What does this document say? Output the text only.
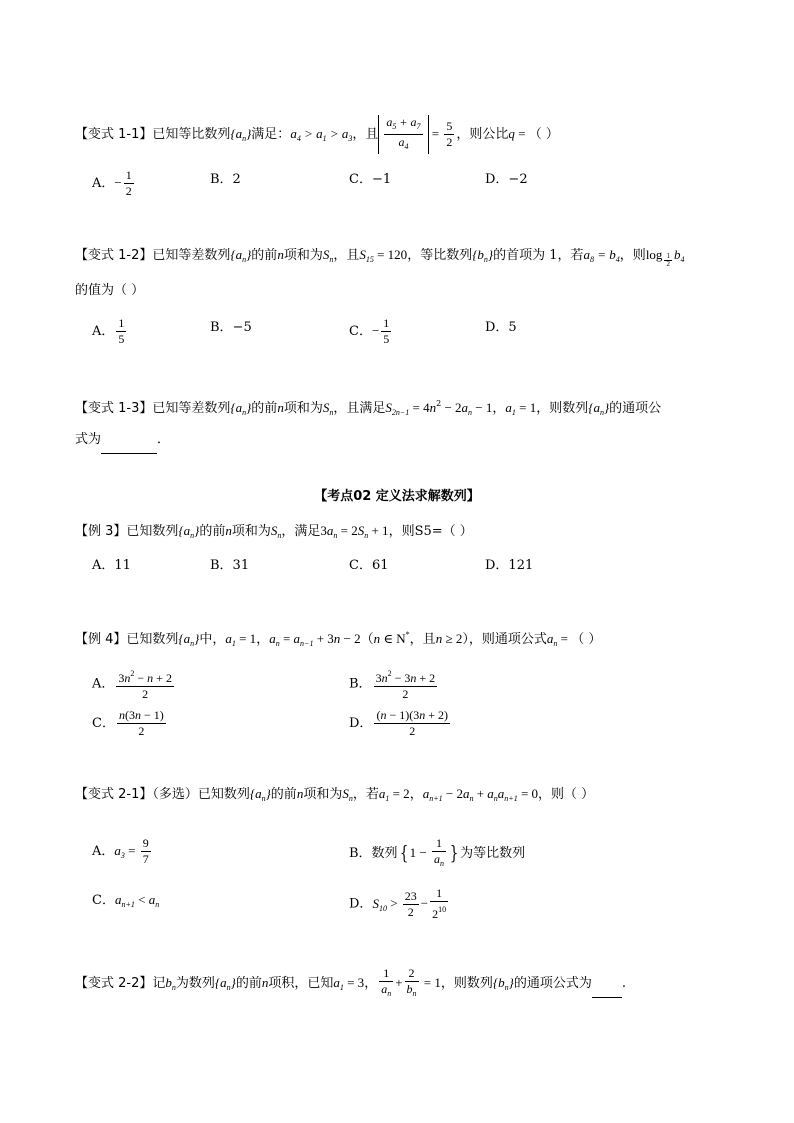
【变式 1-1】已知等比数列$\{a_n\}$满足：$a_4 > a_1 > a_3$，且 $\frac{a_5 + a_7}{a_4} = \frac{5}{2}$ ，则公比q = （ ）
A．− $\frac{1}{2}$	B．2	C．−1	D．−2
【变式 1-2】已知等差数列$\{a_n\}$的前n项和为$S_n$，且$S_{15} = 120$，等比数列$\{b_n\}$的首项为 1，若$a_8 = b_4$，则log $_{\frac{1}{2}}$ $b_4$
的值为（ ）
A． $\frac{1}{5}$	B．−5	C．− $\frac{1}{5}$	D．5
【变式 1-3】已知等差数列$\{a_n\}$的前n项和为$S_n$，且满足$S_{2n-1} = 4n^2 - 2a_n - 1$，$a_1 = 1$，则数列$\{a_n\}$的通项公
式为	．
【考点02 定义法求解数列】
【例 3】已知数列$\{a_n\}$的前n项和为$S_n$，满足$3a_n = 2S_n + 1$，则S5=（ ）
A．11	B．31	C．61	D．121
【例 4】已知数列$\{a_n\}$中，$a_1 = 1$，$a_n = a_{n-1} + 3n - 2(n$ ∈ N*，且n ≥ 2），则通项公式$a_n$ = （ ）
A． $\frac{3n^2 - n + 2}{2}$	B． $\frac{3n^2 - 3n + 2}{2}$
C． $\frac{n(3n - 1)}{2}$	D． $\frac{(n - 1)(3n + 2)}{2}$
【变式 2-1】（多选）已知数列$\{a_n\}$的前n项和为$S_n$，若$a_1 = 2$，$a_{n+1} - 2a_n + a_na_{n+1} = 0$，则（ ）
A．$a_3 = \frac{9}{7}$	B．数列{ $1 - \frac{1}{a_n}$ } 为等比数列
C．$a_{n+1} < a_n$	D．$S_{10} > \frac{23}{2} - \frac{1}{2^{10}}$
【变式 2-2】记$b_n$为数列$\{a_n\}$的前n项积，已知$a_1 = 3$， $\frac{1}{a_n} + \frac{2}{b_n} = 1$，则数列$\{b_n\}$的通项公式为 .
